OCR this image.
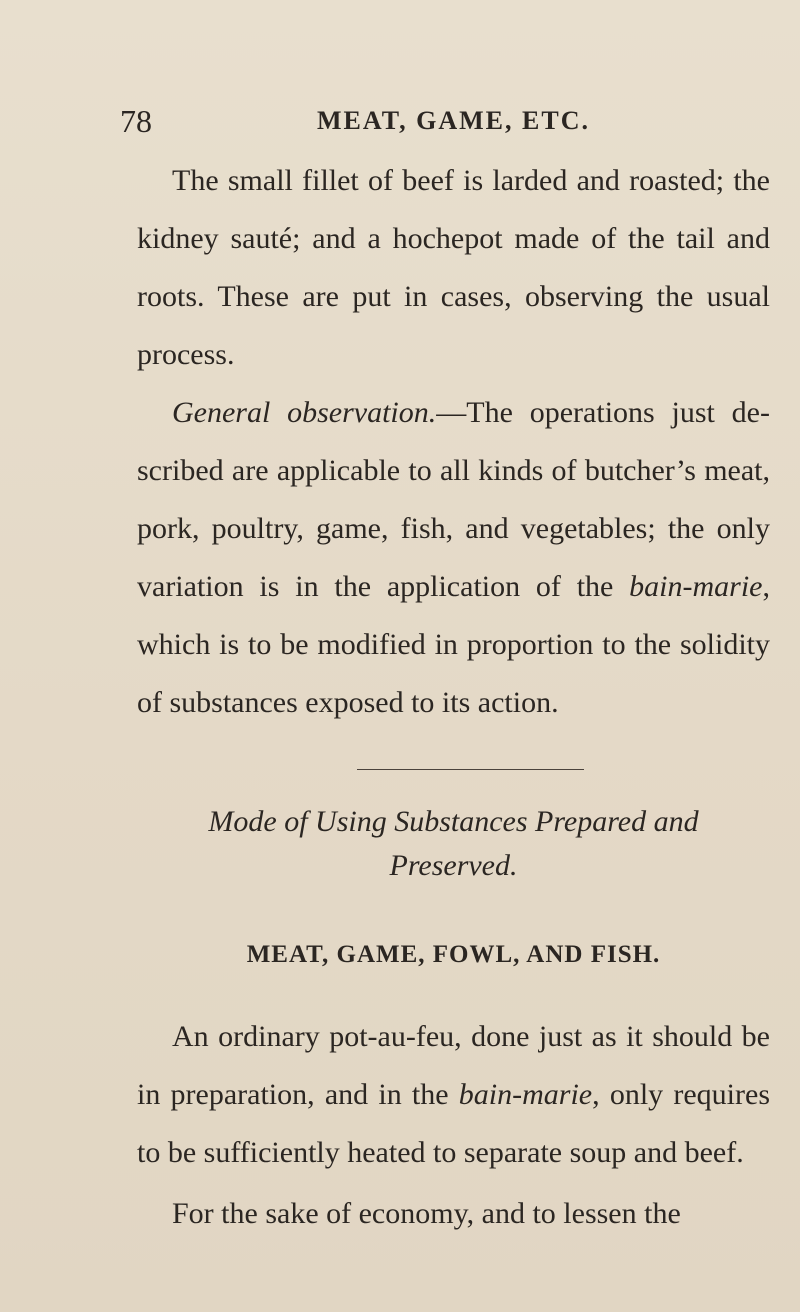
78	MEAT, GAME, ETC.

The small fillet of beef is larded and roasted; the kidney sauté; and a hochepot made of the tail and roots. These are put in cases, observing the usual process.

General observation.—The operations just described are applicable to all kinds of butcher’s meat, pork, poultry, game, fish, and vegetables; the only variation is in the application of the bain-marie, which is to be modified in proportion to the solidity of substances exposed to its action.

Mode of Using Substances Prepared and
Preserved.
MEAT, GAME, FOWL, AND FISH.

An ordinary pot-au-feu, done just as it should be in preparation, and in the bain-marie, only requires to be sufficiently heated to separate soup and beef.

For the sake of economy, and to lessen the
